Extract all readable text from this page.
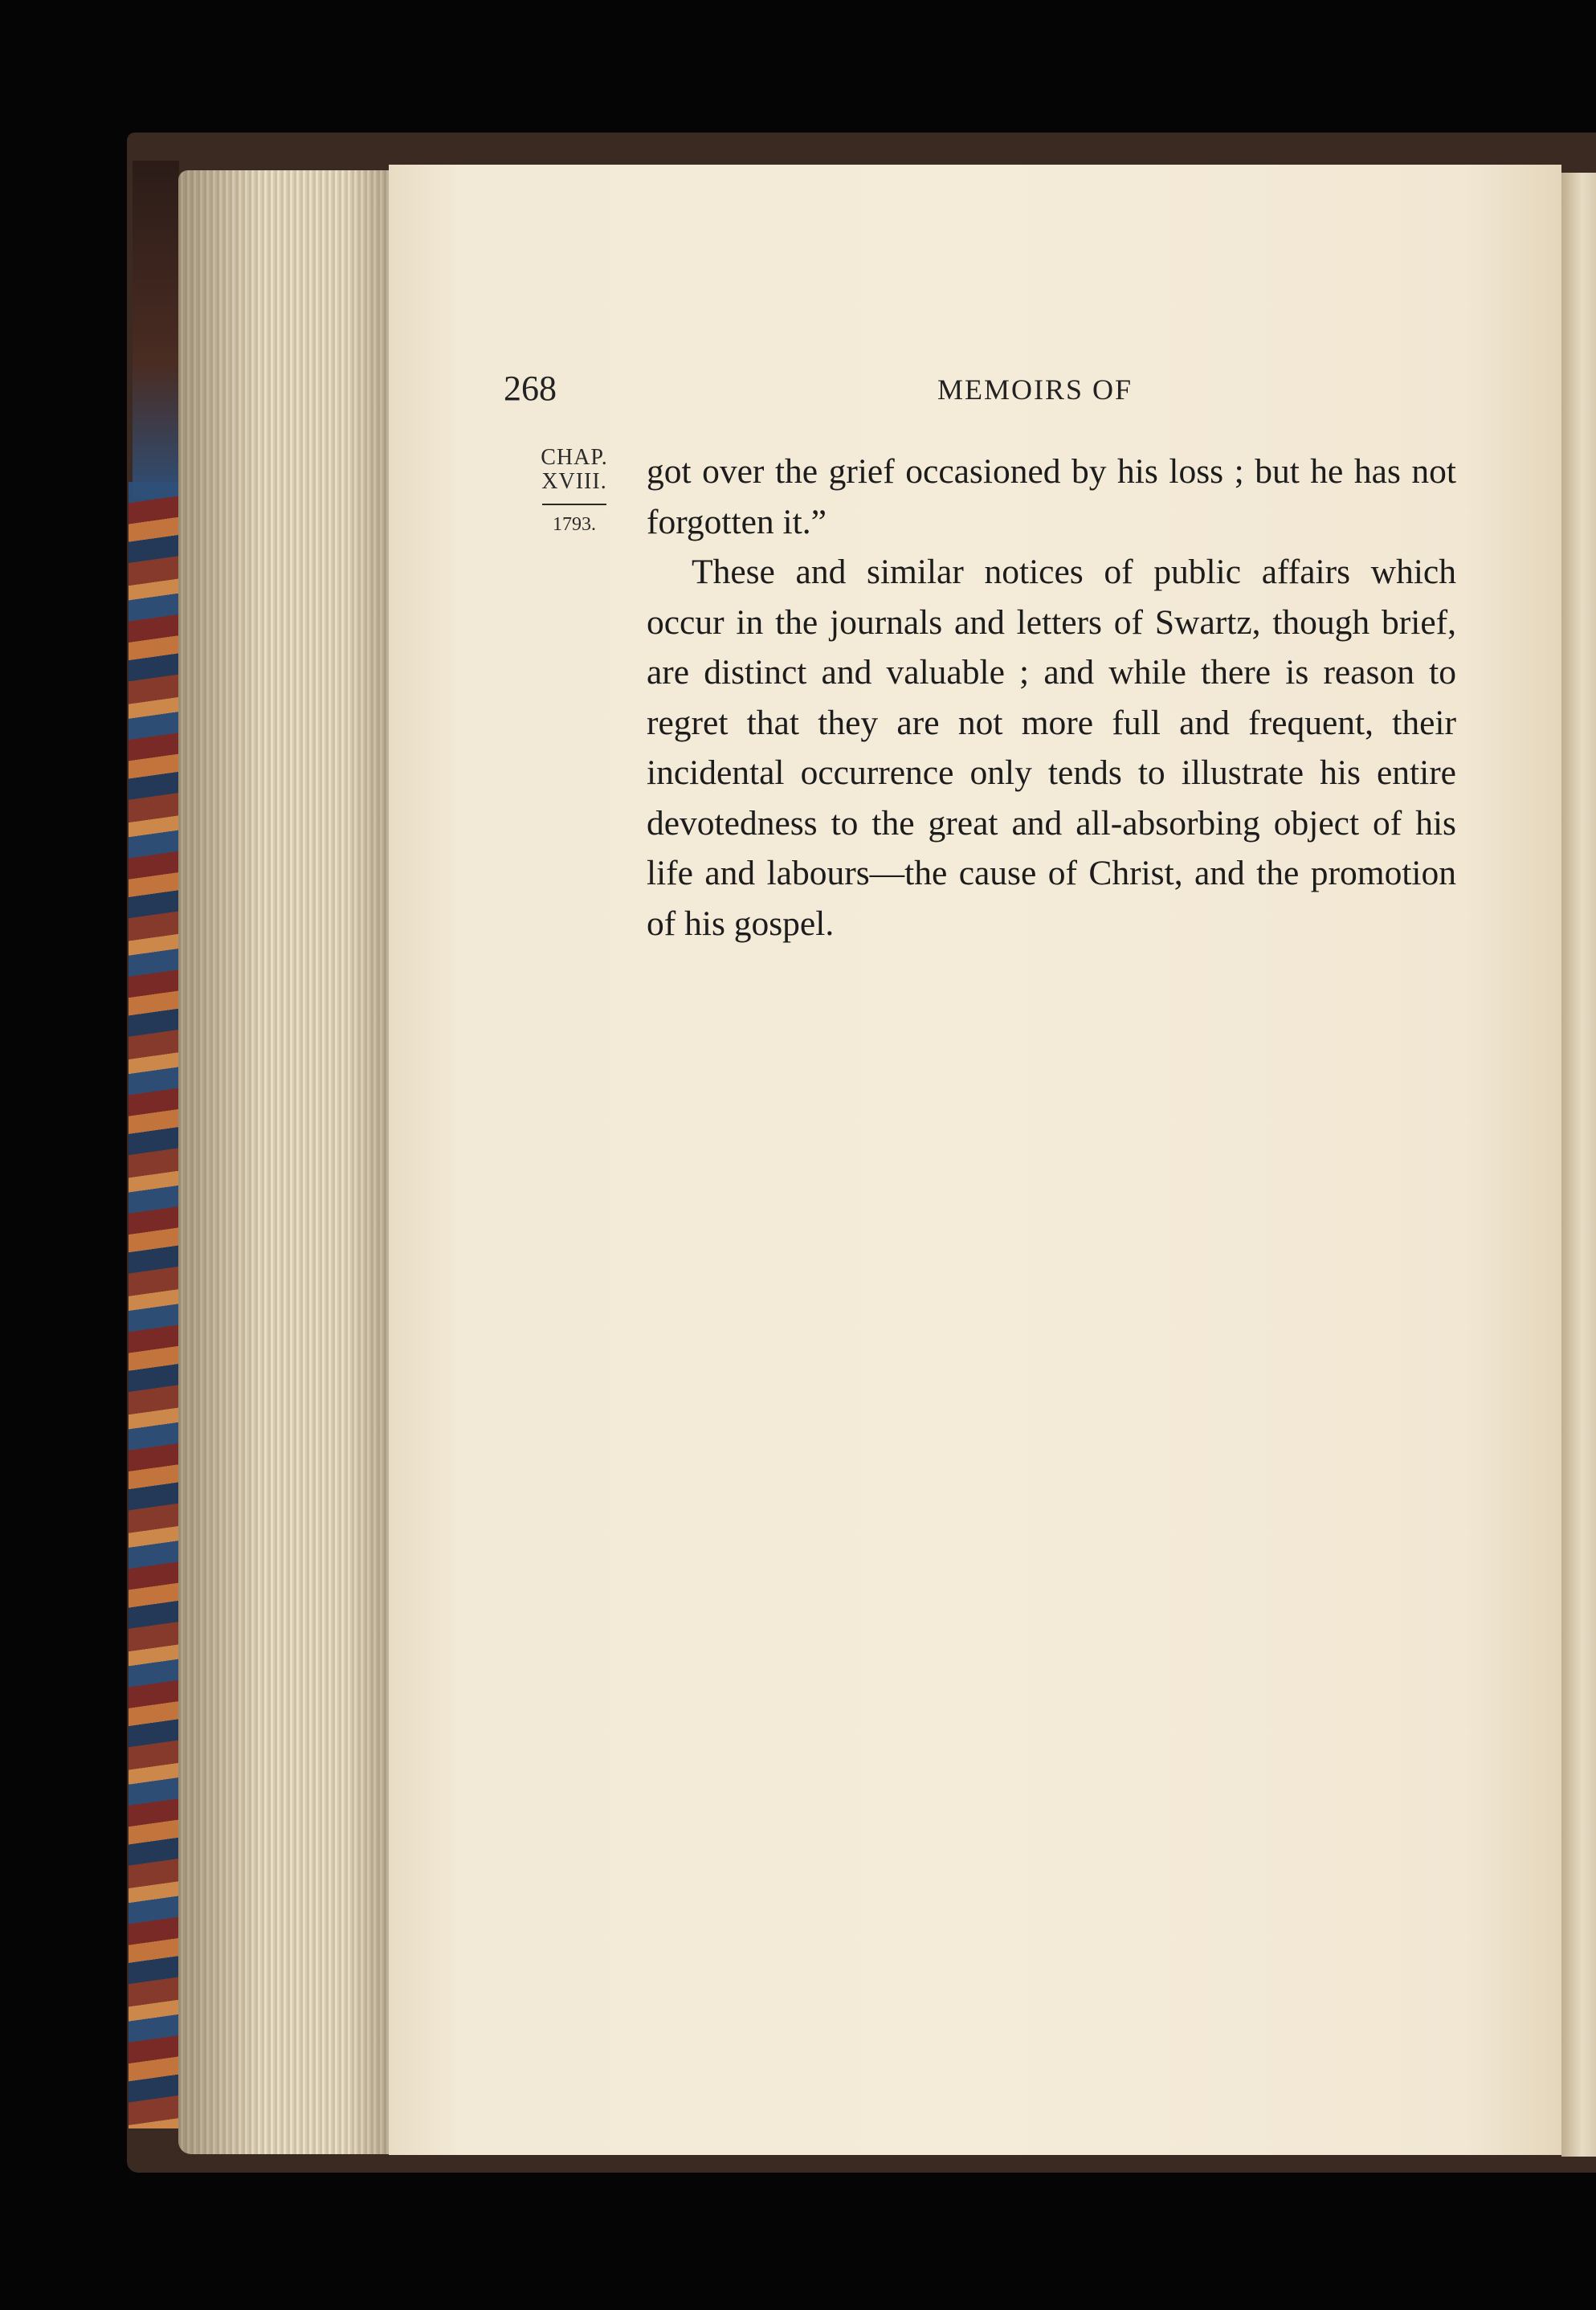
268	MEMOIRS OF
CHAP.
XVIII.
1793.

got over the grief occasioned by his loss ; but he has not forgotten it.”

These and similar notices of public affairs which occur in the journals and letters of Swartz, though brief, are distinct and valuable ; and while there is reason to regret that they are not more full and frequent, their incidental occurrence only tends to illustrate his entire devotedness to the great and all-absorbing object of his life and labours—the cause of Christ, and the promotion of his gospel.
